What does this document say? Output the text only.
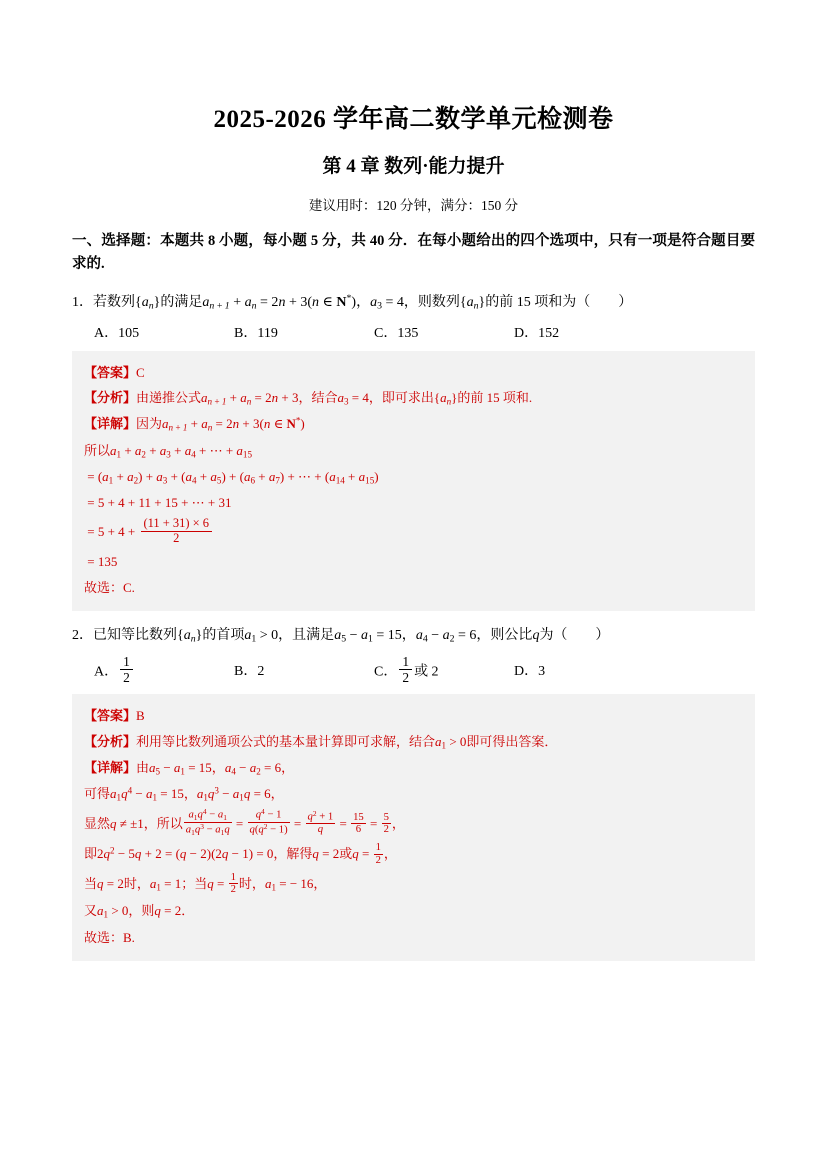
2025-2026 学年高二数学单元检测卷
第 4 章 数列·能力提升
建议用时：120 分钟，满分：150 分
一、选择题：本题共 8 小题，每小题 5 分，共 40 分．在每小题给出的四个选项中，只有一项是符合题目要求的.
1．若数列$\{a_n\}$的满足$a_{n + 1} + a_n = 2n + 3(n$ ∈ N*)，a3 = 4，则数列$\{a_n\}$的前 15 项和为（　　）
A．105	B．119	C．135	D．152
【答案】C
【分析】由递推公式$a_{n + 1} + a_n = 2n + 3$，结合a3 = 4，即可求出$\{a_n\}$的前 15 项和.
【详解】因为$a_{n + 1} + a_n = 2n + 3(n$ ∈ N*)
所以a1 + a2 + a3 + a4 + ⋯ + a15
= (a1 + a2) + a3 + (a4 + a5) + (a6 + a7) + ⋯ + (a14 + a15)
= 5 + 4 + 11 + 15 + ⋯ + 31
= $5 + 4 + \frac{(11 + 31) \times 6}{2}$
= 135
故选：C.
2．已知等比数列$\{a_n\}$的首项a1 > 0，且满足a5 − a1 = 15，a4 − a2 = 6，则公比q为（　　）
A． $\frac{1}{2}$	B．2	C． $\frac{1}{2}$ 或 2	D．3
【答案】B
【分析】利用等比数列通项公式的基本量计算即可求解，结合a1 > 0即可得出答案．
【详解】由a5 − a1 = 15，a4 − a2 = 6，
可得$a1q^4 - a1 = 15$，$a1q^3 - a1q = 6$，
显然q ≠ ±1，所以 $\frac{a1q^4 - a1}{a1q^3 - a1q} = \frac{q^4 - 1}{q(q^2 - 1)} = \frac{q^2 + 1}{q} = \frac{15}{6} = \frac{5}{2}$ ，
即$2q^2 - 5q + 2 = (q - 2)(2q - 1) = 0$，解得q = 2或$q = \frac{1}{2}$ ，
当q = 2时，a1 = 1；当$q = \frac{1}{2}$ 时，a1 = − 16，
又a1 > 0，则q = 2．
故选：B.
